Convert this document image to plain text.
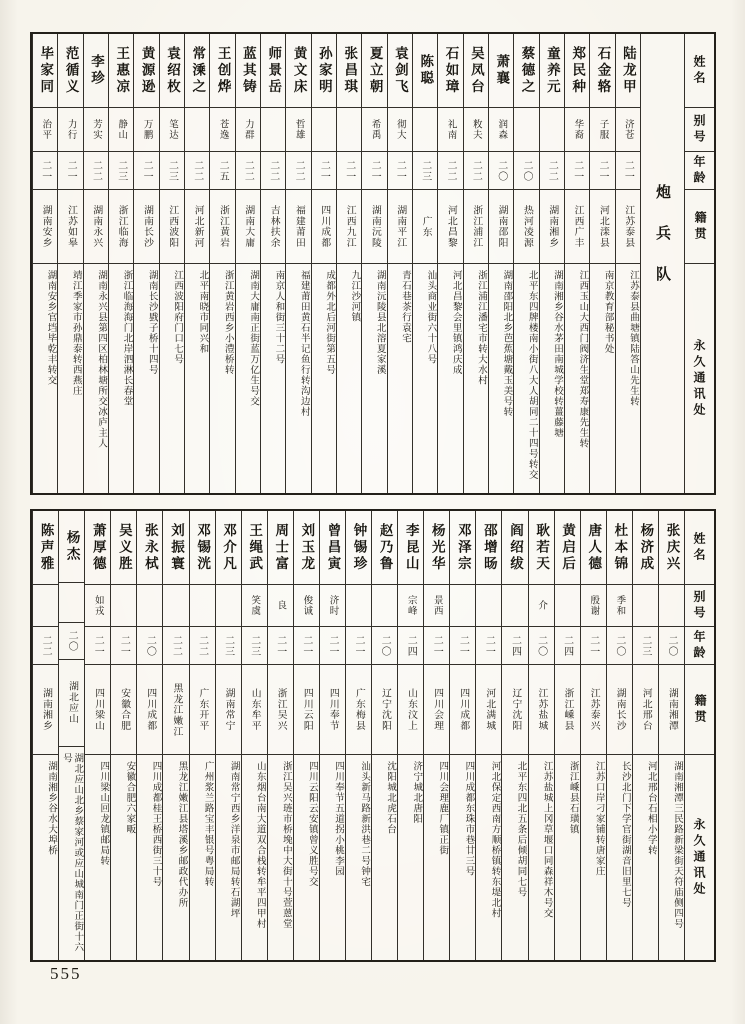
姓名
别号
年龄
籍贯
永久通讯处
炮兵队
陆龙甲
济苍
二一
江苏泰县
江苏泰县曲塘镇陆答山先生转
石金辂
子服
二一
河北滦县
南京教育部秘书处
郑民种
华裔
二一
江西广丰
江西玉山大西门阀济生堂郑寿康先生转
童养元
二二
湖南湘乡
湖南湘乡谷水茅田南城学校转薑藤塘
蔡德之
二〇
热河凌源
北平东四牌楼南小街八大人胡同二十四号转交
萧襄
润森
二〇
湖南邵阳
湖南邵阳北乡芭蕉塘戴玉美号转
吴凤台
敉夫
二二
浙江浦江
浙江浦江潘宅市转大水村
石如璋
礼南
二二
河北昌黎
河北昌黎会里镇鸿庆成
陈聪
二三
广东
汕头商业街六十八号
袁剑飞
彻大
二一
湖南平江
青石巷茶行袁宅
夏立朝
希禹
二一
湖南沅陵
湖南沅陵县北溶夏家溪
张昌琪
二一
江西九江
九江沙河镇
孙家明
二一
四川成都
成都外北后河街第五号
黄文床
哲雄
二二
福建莆田
福建莆田黄石半记鱼行转沟边村
师景岳
二二
吉林扶余
南京人和街三十二号
蓝其铸
力群
二二
湖南大庸
湖南大庸南正街蓝万亿生号交
王创烨
苍逸
二五
浙江黄岩
浙江黄岩西乡小澧桥转
常溗之
二二
河北新河
北平南晓市同兴和
袁绍枚
笔达
二三
江西波阳
江西波阳府门口七号
黄源逊
万鹏
二一
湖南长沙
湖南长沙戥子桥十四号
王惠凉
静山
二三
浙江临海
浙江临海海门北岸泗淋长春堂
李珍
芳实
二二
湖南永兴
湖南永兴县第四区柏林塘所交冰庐主人
范循义
力行
二一
江苏如皋
靖江季家市孙鼎泰转西燕庄
毕家同
治平
二一
湖南安乡
湖南安乡官垱毕乾丰转交
姓名
别号
年龄
籍贯
永久通讯处
张庆兴
二〇
湖南湘潭
湖南湘潭三民路新梁街天符庙侧四号
杨济成
二三
河北邢台
河北邢台石相小学转
杜本锦
季和
二〇
湖南长沙
长沙北门下学官街湖音旧里七号
唐人德
殷谢
二一
江苏泰兴
江苏口岸刁家铺转唐家庄
黄启后
二四
浙江嵊县
浙江嵊县石璜镇
耿若天
介
二〇
江苏盐城
江苏盐城上冈草堰口同森祥木号交
阎绍绂
二四
辽宁沈阳
北平东四北五条后倾胡同七号
邵增旸
二一
河北满城
河北保定西南方顺桥镇转东堤北村
邓泽宗
二一
四川成都
四川成都东珠市巷廿三号
杨光华
景西
二一
四川会理
四川会理鹿厂镇正街
李昆山
宗峰
二四
山东汶上
济宁城北唐阳
赵乃鲁
二〇
辽宁沈阳
沈阳城北虎石台
钟锡珍
二一
广东梅县
汕头新马路新洪巷二号钟宅
曾昌寅
济时
二一
四川奉节
四川奉节五道拐小桃李园
刘玉龙
俊诚
二一
四川云阳
四川云阳云安镇曾义胜号交
周士富
良
二一
浙江吴兴
浙江吴兴琏市桥堍中大街十号萱蒽堂
王绳武
笑虞
二三
山东牟平
山东烟台南大道双合栈转牟平四甲村
邓介凡
二三
湖南常宁
湖南常宁西乡洋泉市邮局转石湖坪
邓锡洸
二二
广东开平
广州浆兰路宝丰银号粤局转
刘振寰
二二
黑龙江嫩江
黑龙江嫩江县塔溪乡邮政代办所
张永栻
二〇
四川成都
四川成都桂王桥西街三十号
吴义胜
二一
安徽合肥
安徽合肥六家畈
萧厚德
如戎
二一
四川梁山
四川梁山回龙镇邮局转
杨杰
二〇
湖北应山
湖北应山北乡蔡家河或应山城南门正街十六号
陈声雅
二二
湖南湘乡
湖南湘乡谷水大埠桥
555
